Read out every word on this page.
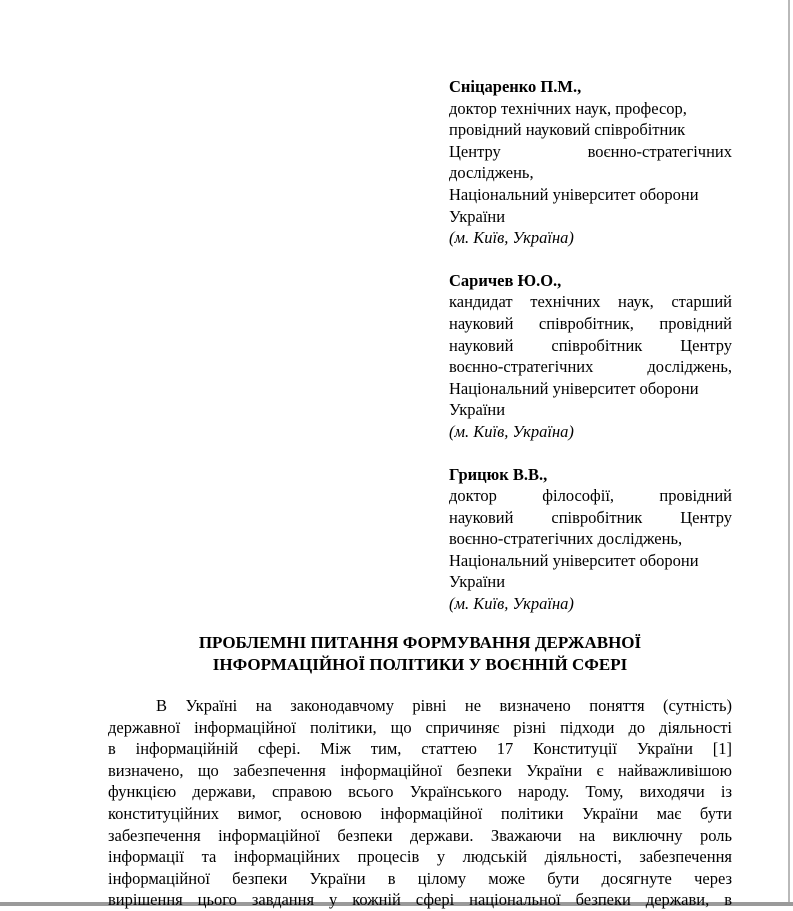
Сніцаренко П.М.,

доктор технічних наук, професор,
провідний науковий співробітник
Центру воєнно-стратегічних
досліджень,
Національний університет оборони
України

(м. Київ, Україна)

Саричев Ю.О.,

кандидат технічних наук, старший
науковий співробітник, провідний
науковий співробітник Центру
воєнно-стратегічних досліджень,
Національний університет оборони
України

(м. Київ, Україна)

Грицюк В.В.,

доктор філософії, провідний
науковий співробітник Центру
воєнно-стратегічних досліджень,
Національний університет оборони
України

(м. Київ, Україна)

ПРОБЛЕМНІ ПИТАННЯ ФОРМУВАННЯ ДЕРЖАВНОЇ
ІНФОРМАЦІЙНОЇ ПОЛІТИКИ У ВОЄННІЙ СФЕРІ

В Україні на законодавчому рівні не визначено поняття (сутність)
державної інформаційної політики, що спричиняє різні підходи до діяльності
в інформаційній сфері. Між тим, статтею 17 Конституції України [1]
визначено, що забезпечення інформаційної безпеки України є найважливішою
функцією держави, справою всього Українського народу. Тому, виходячи із
конституційних вимог, основою інформаційної політики України має бути
забезпечення інформаційної безпеки держави. Зважаючи на виключну роль
інформації та інформаційних процесів у людській діяльності, забезпечення
інформаційної безпеки України в цілому може бути досягнуте через
вирішення цього завдання у кожній сфері національної безпеки держави, в
